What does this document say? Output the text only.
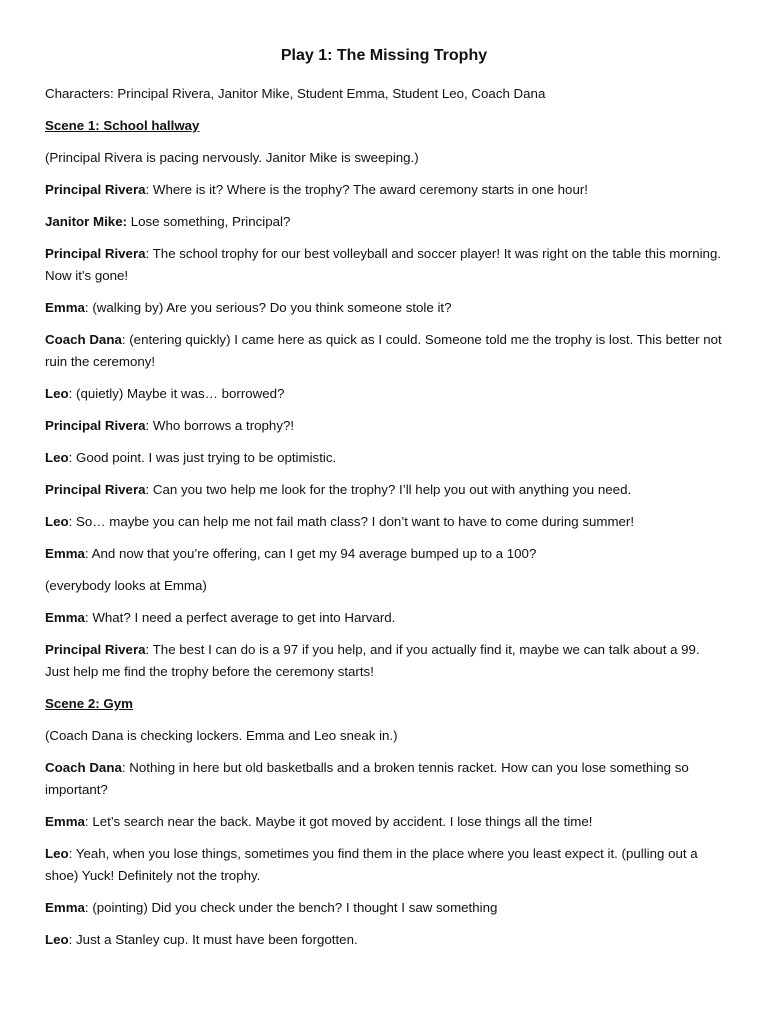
Play 1: The Missing Trophy

Characters: Principal Rivera, Janitor Mike, Student Emma, Student Leo, Coach Dana

Scene 1: School hallway

(Principal Rivera is pacing nervously. Janitor Mike is sweeping.)

Principal Rivera: Where is it? Where is the trophy? The award ceremony starts in one hour!

Janitor Mike: Lose something, Principal?

Principal Rivera: The school trophy for our best volleyball and soccer player! It was right on the table this morning. Now it's gone!

Emma: (walking by) Are you serious? Do you think someone stole it?

Coach Dana: (entering quickly) I came here as quick as I could. Someone told me the trophy is lost. This better not ruin the ceremony!

Leo: (quietly) Maybe it was… borrowed?

Principal Rivera: Who borrows a trophy?!

Leo: Good point. I was just trying to be optimistic.

Principal Rivera: Can you two help me look for the trophy? I’ll help you out with anything you need.

Leo: So… maybe you can help me not fail math class? I don’t want to have to come during summer!

Emma: And now that you’re offering, can I get my 94 average bumped up to a 100?

(everybody looks at Emma)

Emma: What? I need a perfect average to get into Harvard.

Principal Rivera: The best I can do is a 97 if you help, and if you actually find it, maybe we can talk about a 99. Just help me find the trophy before the ceremony starts!

Scene 2: Gym

(Coach Dana is checking lockers. Emma and Leo sneak in.)

Coach Dana: Nothing in here but old basketballs and a broken tennis racket. How can you lose something so important?

Emma: Let’s search near the back. Maybe it got moved by accident. I lose things all the time!

Leo: Yeah, when you lose things, sometimes you find them in the place where you least expect it. (pulling out a shoe) Yuck! Definitely not the trophy.

Emma: (pointing) Did you check under the bench? I thought I saw something

Leo: Just a Stanley cup. It must have been forgotten.
